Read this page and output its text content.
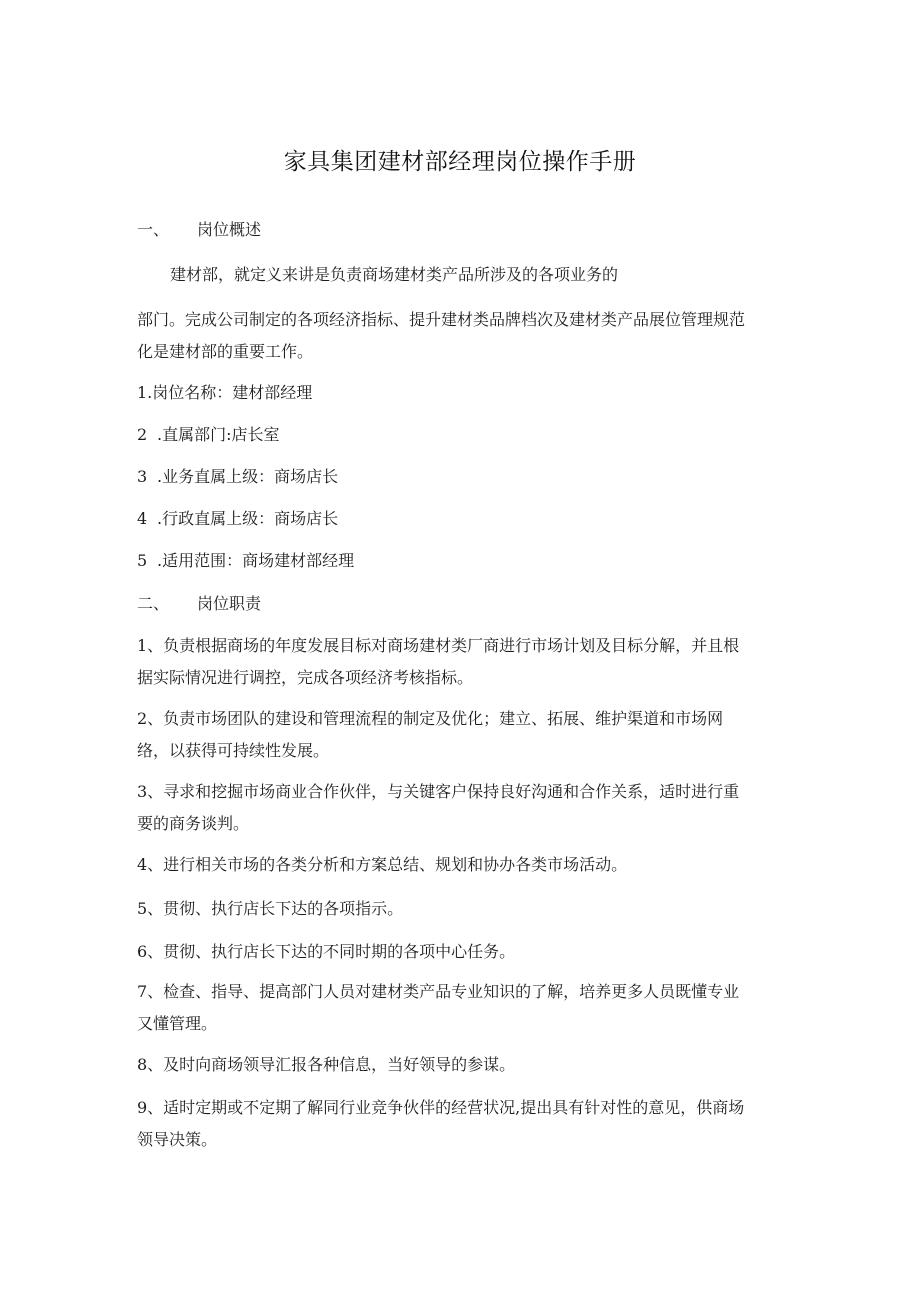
家具集团建材部经理岗位操作手册
一、 岗位概述
建材部，就定义来讲是负责商场建材类产品所涉及的各项业务的
部门。完成公司制定的各项经济指标、提升建材类品牌档次及建材类产品展位管理规范
化是建材部的重要工作。
1.岗位名称：建材部经理
2 .直属部门:店长室
3 .业务直属上级：商场店长
4 .行政直属上级：商场店长
5 .适用范围：商场建材部经理
二、 岗位职责
1、负责根据商场的年度发展目标对商场建材类厂商进行市场计划及目标分解，并且根
据实际情况进行调控，完成各项经济考核指标。
2、负责市场团队的建设和管理流程的制定及优化；建立、拓展、维护渠道和市场网
络，以获得可持续性发展。
3、寻求和挖掘市场商业合作伙伴，与关键客户保持良好沟通和合作关系，适时进行重
要的商务谈判。
4、进行相关市场的各类分析和方案总结、规划和协办各类市场活动。
5、贯彻、执行店长下达的各项指示。
6、贯彻、执行店长下达的不同时期的各项中心任务。
7、检查、指导、提高部门人员对建材类产品专业知识的了解，培养更多人员既懂专业
又懂管理。
8、及时向商场领导汇报各种信息，当好领导的参谋。
9、适时定期或不定期了解同行业竞争伙伴的经营状况,提出具有针对性的意见，供商场
领导决策。
